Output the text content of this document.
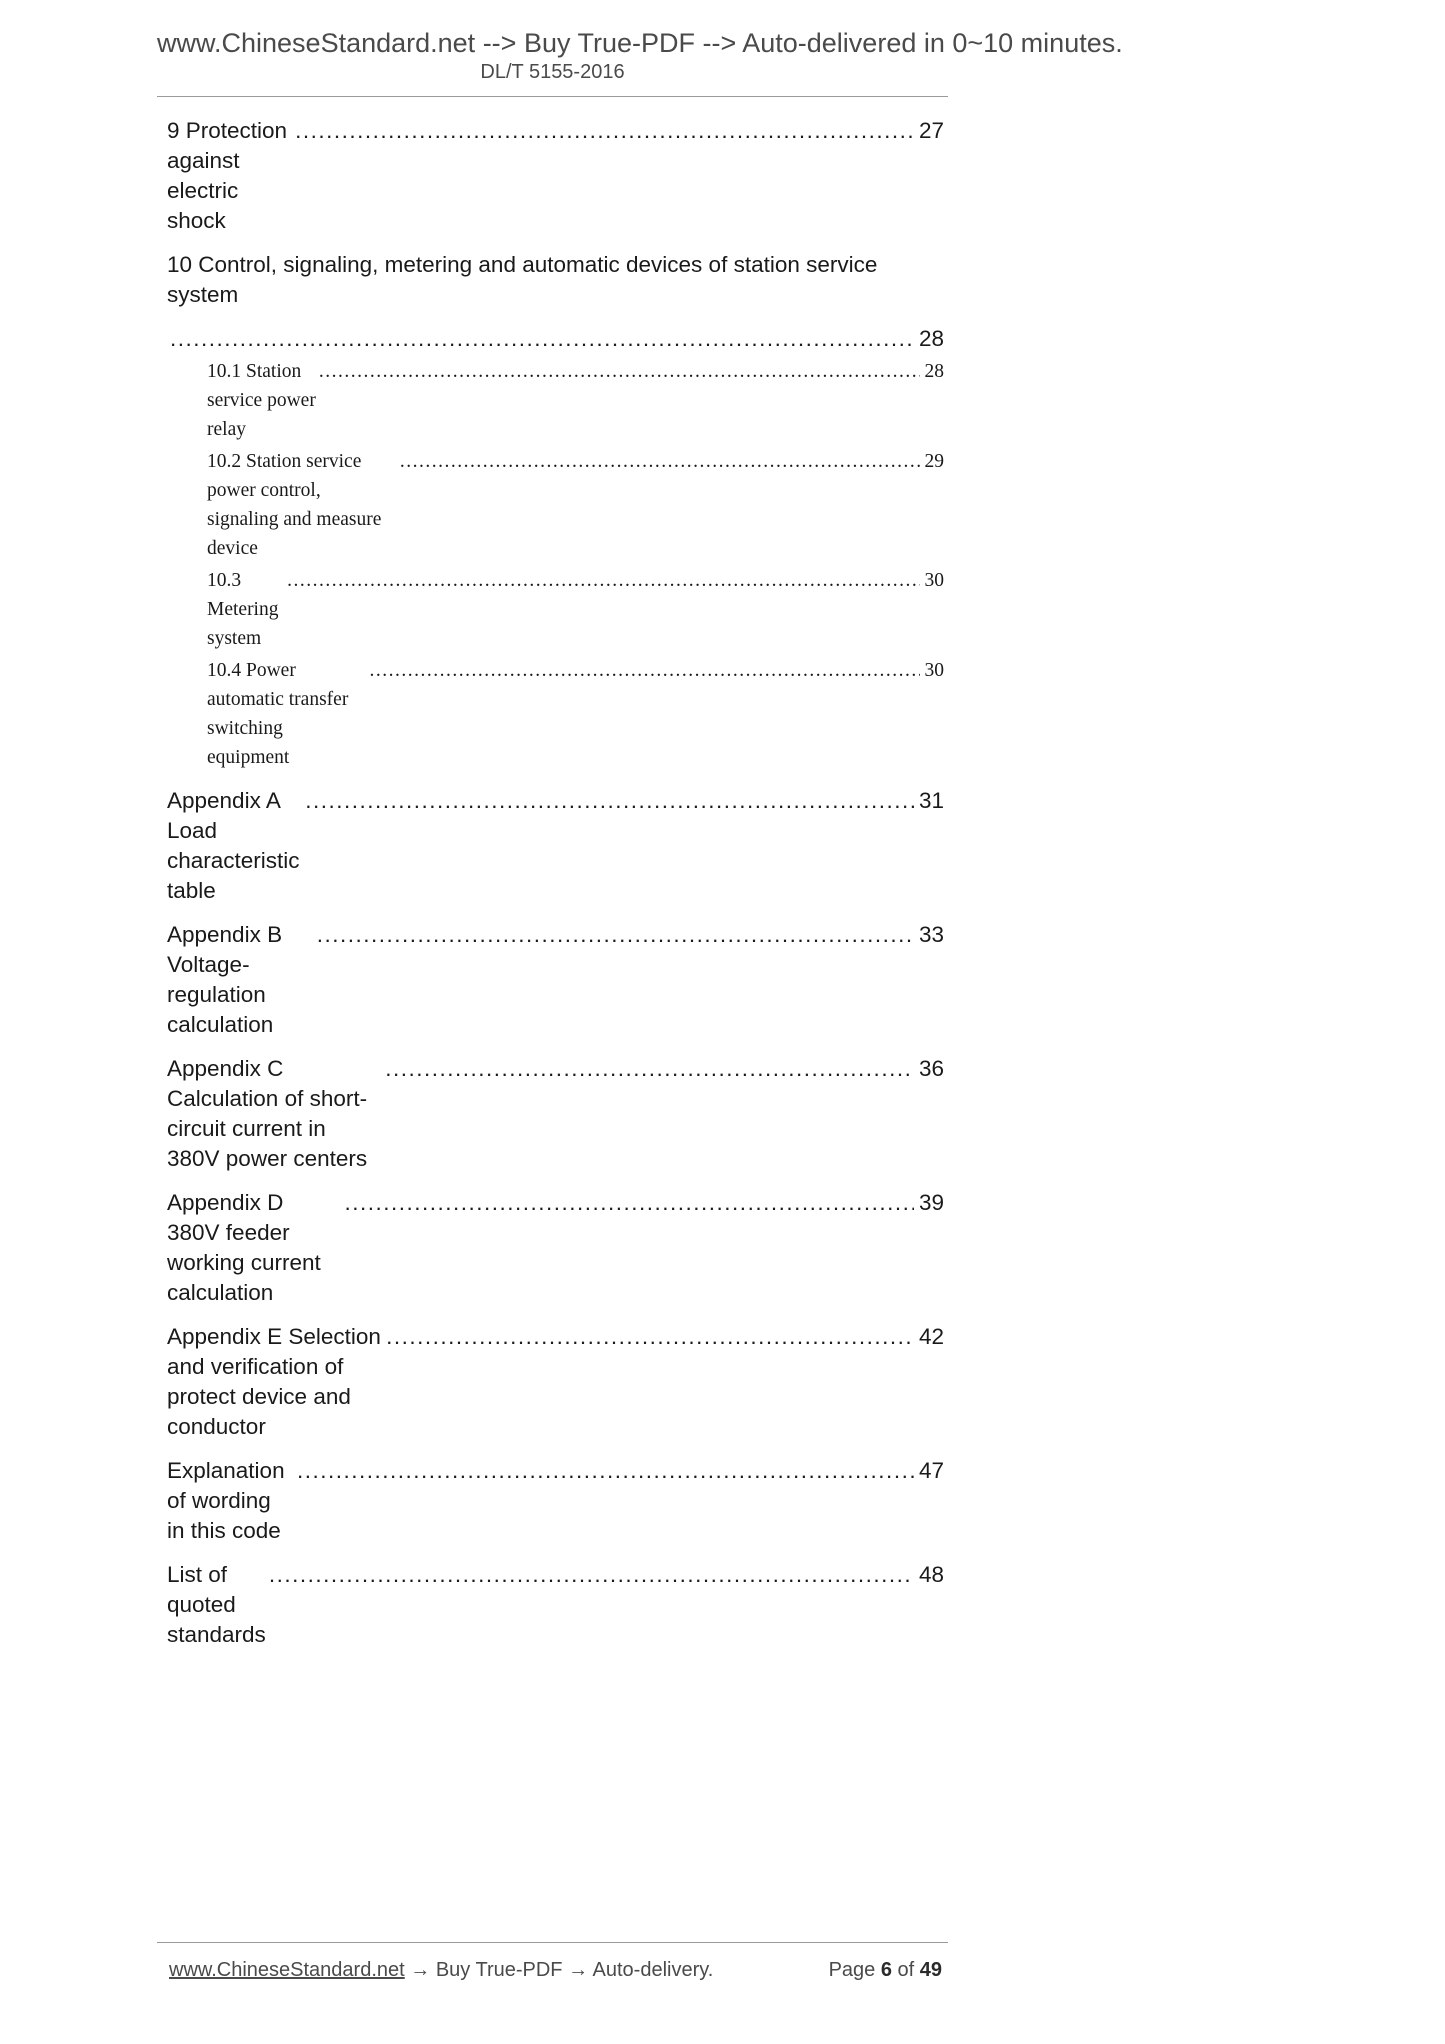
www.ChineseStandard.net --> Buy True-PDF --> Auto-delivered in 0~10 minutes.
DL/T 5155-2016
9 Protection against electric shock
.....
27
10 Control, signaling, metering and automatic devices of station service system
.....
28
10.1 Station service power relay
.....
28
10.2 Station service power control, signaling and measure device
.....
29
10.3 Metering system
.....
30
10.4 Power automatic transfer switching equipment
.....
30
Appendix A   Load characteristic table
.....
31
Appendix B Voltage-regulation calculation
.....
33
Appendix C Calculation of short-circuit current in 380V power centers
.....
36
Appendix D 380V feeder working current calculation
.....
39
Appendix E Selection and verification of protect device and conductor
.....
42
Explanation of wording in this code
.....
47
List of quoted standards
.....
48
www.ChineseStandard.net → Buy True-PDF → Auto-delivery.	Page 6 of 49
